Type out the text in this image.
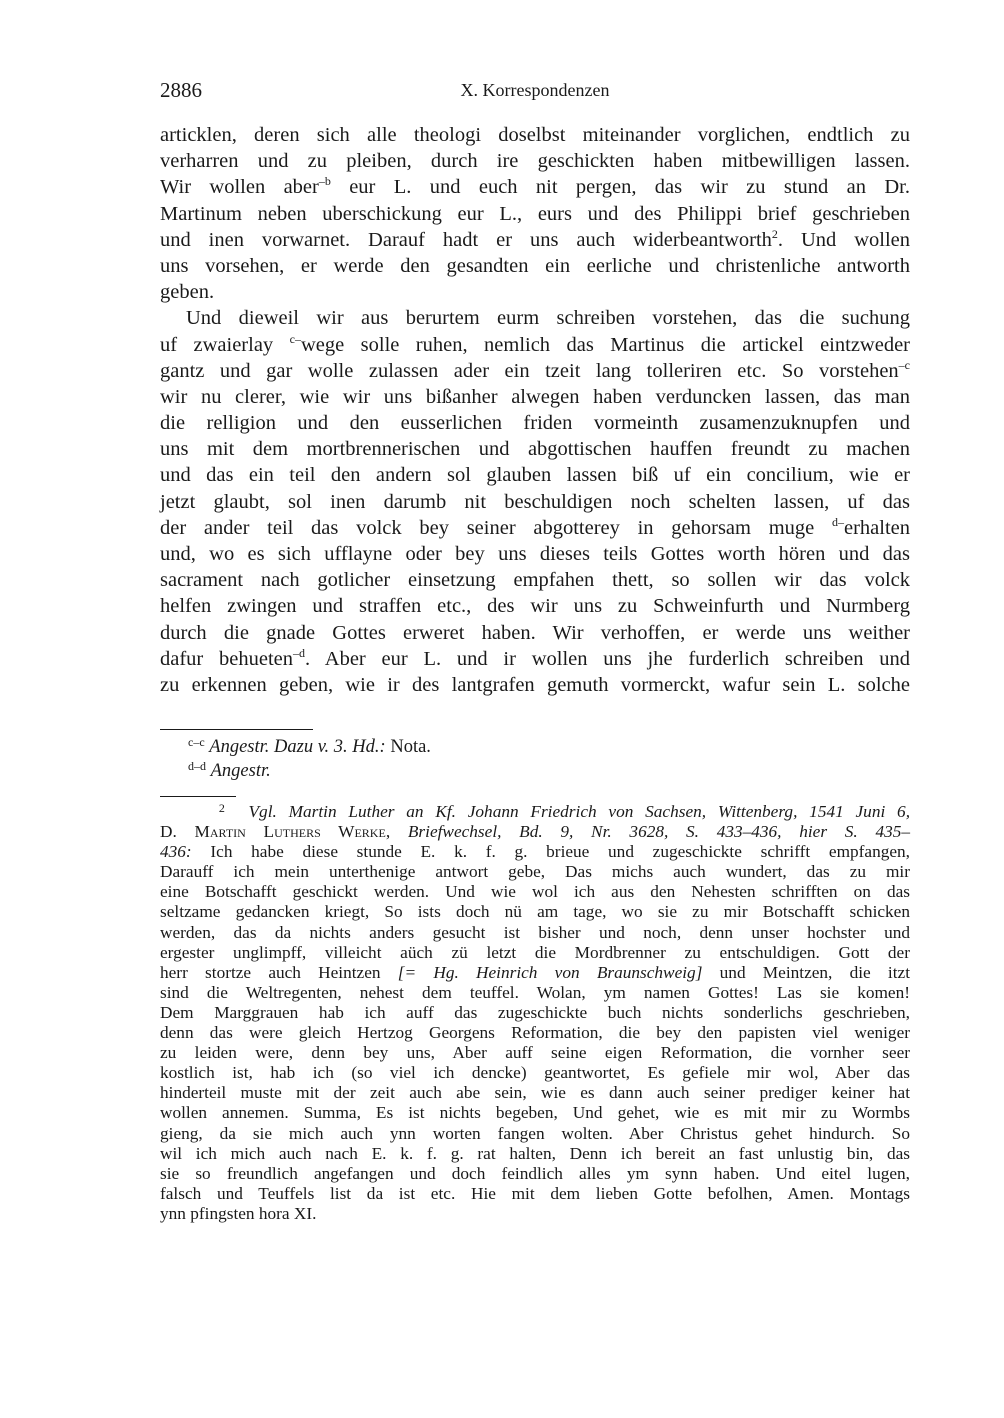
2886	X. Korrespondenzen
articklen, deren sich alle theologi doselbst miteinander vorglichen, endtlich zu
verharren und zu pleiben, durch ire geschickten haben mitbewilligen lassen.
Wir wollen aber$^{-b}$ eur L. und euch nit pergen, das wir zu stund an Dr.
Martinum neben uberschickung eur L., eurs und des Philippi brief geschrieben
und inen vorwarnet. Darauf hadt er uns auch widerbeantworth$^2$. Und wollen
uns vorsehen, er werde den gesandten ein eerliche und christenliche antworth
geben.
Und dieweil wir aus berurtem eurm schreiben vorstehen, das die suchung
uf zwaierlay $^{c-}$wege solle ruhen, nemlich das Martinus die artickel eintzweder
gantz und gar wolle zulassen ader ein tzeit lang tolleriren etc. So vorstehen$^{-c}$
wir nu clerer, wie wir uns bißanher alwegen haben verduncken lassen, das man
die relligion und den eusserlichen friden vormeinth zusamenzuknupfen und
uns mit dem mortbrennerischen und abgottischen hauffen freundt zu machen
und das ein teil den andern sol glauben lassen biß uf ein concilium, wie er
jetzt glaubt, sol inen darumb nit beschuldigen noch schelten lassen, uf das
der ander teil das volck bey seiner abgotterey in gehorsam muge $^{d-}$erhalten
und, wo es sich ufflayne oder bey uns dieses teils Gottes worth hören und das
sacrament nach gotlicher einsetzung empfahen thett, so sollen wir das volck
helfen zwingen und straffen etc., des wir uns zu Schweinfurth und Nurmberg
durch die gnade Gottes erweret haben. Wir verhoffen, er werde uns weither
dafur behueten$^{-d}$. Aber eur L. und ir wollen uns jhe furderlich schreiben und
zu erkennen geben, wie ir des lantgrafen gemuth vormerckt, wafur sein L. solche
$^{c-c}$ Angestr. Dazu v. 3. Hd.: Nota.
$^{d-d}$ Angestr.
$^2$ Vgl. Martin Luther an Kf. Johann Friedrich von Sachsen, Wittenberg, 1541 Juni 6,
D. Martin Luthers Werke, Briefwechsel, Bd. 9, Nr. 3628, S. 433–436, hier S. 435–
436: Ich habe diese stunde E. k. f. g. brieue und zugeschickte schrifft empfangen,
Darauff ich mein unterthenige antwort gebe, Das michs auch wundert, das zu mir
eine Botschafft geschickt werden. Und wie wol ich aus den Nehesten schrifften on das
seltzame gedancken kriegt, So ists doch nü am tage, wo sie zu mir Botschafft schicken
werden, das da nichts anders gesucht ist bisher und noch, denn unser hochster und
ergester unglimpff, villeicht aüch zü letzt die Mordbrenner zu entschuldigen. Gott der
herr stortze auch Heintzen [= Hg. Heinrich von Braunschweig] und Meintzen, die itzt
sind die Weltregenten, nehest dem teuffel. Wolan, ym namen Gottes! Las sie komen!
Dem Marggrauen hab ich auff das zugeschickte buch nichts sonderlichs geschrieben,
denn das were gleich Hertzog Georgens Reformation, die bey den papisten viel weniger
zu leiden were, denn bey uns, Aber auff seine eigen Reformation, die vornher seer
kostlich ist, hab ich (so viel ich dencke) geantwortet, Es gefiele mir wol, Aber das
hinderteil muste mit der zeit auch abe sein, wie es dann auch seiner prediger keiner hat
wollen annemen. Summa, Es ist nichts begeben, Und gehet, wie es mit mir zu Wormbs
gieng, da sie mich auch ynn worten fangen wolten. Aber Christus gehet hindurch. So
wil ich mich auch nach E. k. f. g. rat halten, Denn ich bereit an fast unlustig bin, das
sie so freundlich angefangen und doch feindlich alles ym synn haben. Und eitel lugen,
falsch und Teuffels list da ist etc. Hie mit dem lieben Gotte befolhen, Amen. Montags
ynn pfingsten hora XI.
